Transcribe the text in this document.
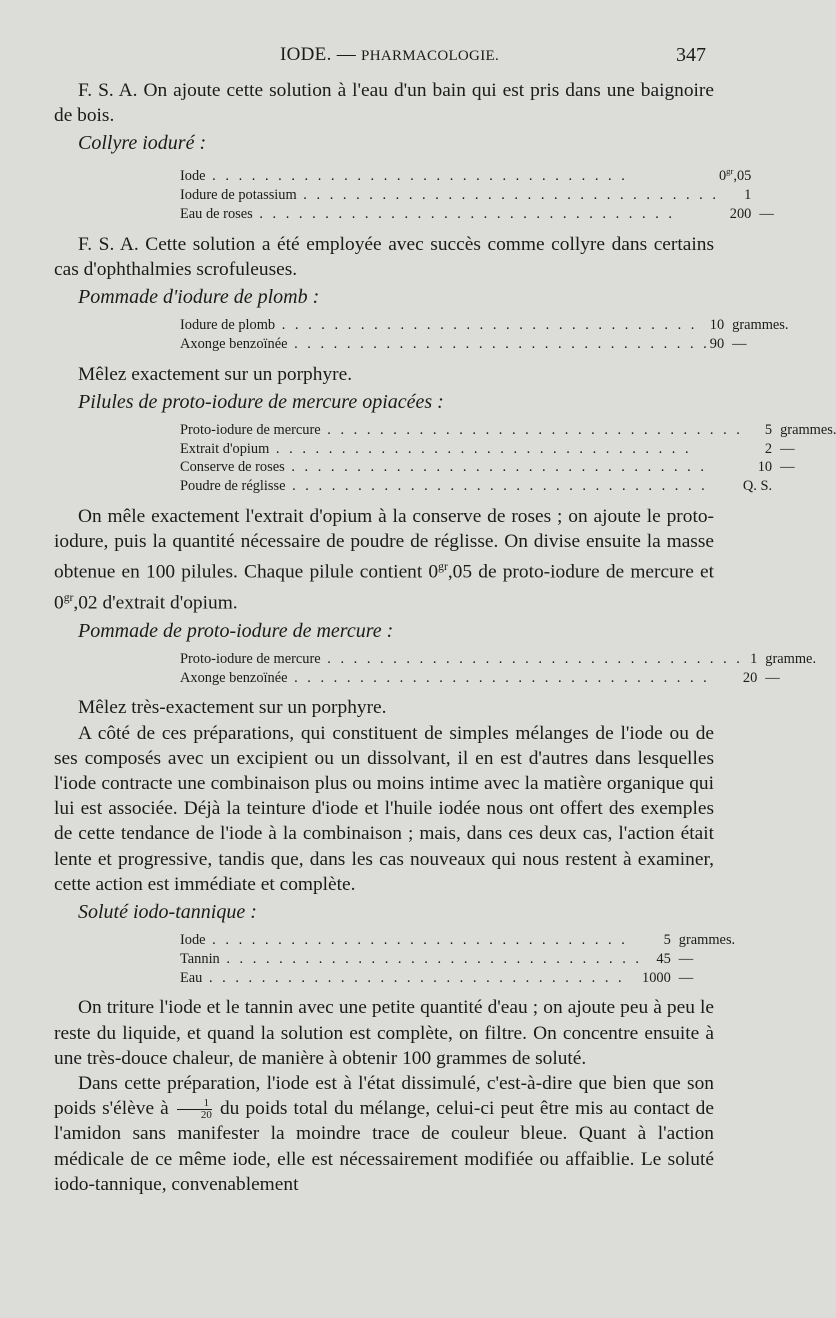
IODE. — PHARMACOLOGIE.	347

F. S. A. On ajoute cette solution à l'eau d'un bain qui est pris dans une baignoire de bois.

Collyre ioduré :
Iode . . . . . . . . . . . . . . . . . . . . . . . . . . . . . . . .	$0^{gr},05$	
Iodure de potassium . . . . . . . . . . . . . . . . . . . . . . . . . . . . . . . .	1	
Eau de roses . . . . . . . . . . . . . . . . . . . . . . . . . . . . . . . .	200	—

F. S. A. Cette solution a été employée avec succès comme collyre dans certains cas d'ophthalmies scrofuleuses.

Pommade d'iodure de plomb :
Iodure de plomb . . . . . . . . . . . . . . . . . . . . . . . . . . . . . . . .	10	grammes.
Axonge benzoïnée . . . . . . . . . . . . . . . . . . . . . . . . . . . . . . . .	90	—

Mêlez exactement sur un porphyre.

Pilules de proto-iodure de mercure opiacées :
Proto-iodure de mercure . . . . . . . . . . . . . . . . . . . . . . . . . . . . . . . .	5	grammes.
Extrait d'opium . . . . . . . . . . . . . . . . . . . . . . . . . . . . . . . .	2	—
Conserve de roses . . . . . . . . . . . . . . . . . . . . . . . . . . . . . . . .	10	—
Poudre de réglisse . . . . . . . . . . . . . . . . . . . . . . . . . . . . . . . .	Q. S.	

On mêle exactement l'extrait d'opium à la conserve de roses ; on ajoute le proto-iodure, puis la quantité nécessaire de poudre de réglisse. On divise ensuite la masse obtenue en 100 pilules. Chaque pilule contient $0^{gr},05$ de proto-iodure de mercure et $0^{gr},02$ d'extrait d'opium.

Pommade de proto-iodure de mercure :
Proto-iodure de mercure . . . . . . . . . . . . . . . . . . . . . . . . . . . . . . . .	1	gramme.
Axonge benzoïnée . . . . . . . . . . . . . . . . . . . . . . . . . . . . . . . .	20	—

Mêlez très-exactement sur un porphyre.

A côté de ces préparations, qui constituent de simples mélanges de l'iode ou de ses composés avec un excipient ou un dissolvant, il en est d'autres dans lesquelles l'iode contracte une combinaison plus ou moins intime avec la matière organique qui lui est associée. Déjà la teinture d'iode et l'huile iodée nous ont offert des exemples de cette tendance de l'iode à la combinaison ; mais, dans ces deux cas, l'action était lente et progressive, tandis que, dans les cas nouveaux qui nous restent à examiner, cette action est immédiate et complète.

Soluté iodo-tannique :
Iode . . . . . . . . . . . . . . . . . . . . . . . . . . . . . . . .	5	grammes.
Tannin . . . . . . . . . . . . . . . . . . . . . . . . . . . . . . . .	45	—
Eau . . . . . . . . . . . . . . . . . . . . . . . . . . . . . . . .	1000	—

On triture l'iode et le tannin avec une petite quantité d'eau ; on ajoute peu à peu le reste du liquide, et quand la solution est complète, on filtre. On concentre ensuite à une très-douce chaleur, de manière à obtenir 100 grammes de soluté.

Dans cette préparation, l'iode est à l'état dissimulé, c'est-à-dire que bien que son poids s'élève à $\frac{1}{20}$ du poids total du mélange, celui-ci peut être mis au contact de l'amidon sans manifester la moindre trace de couleur bleue. Quant à l'action médicale de ce même iode, elle est nécessairement modifiée ou affaiblie. Le soluté iodo-tannique, convenablement
